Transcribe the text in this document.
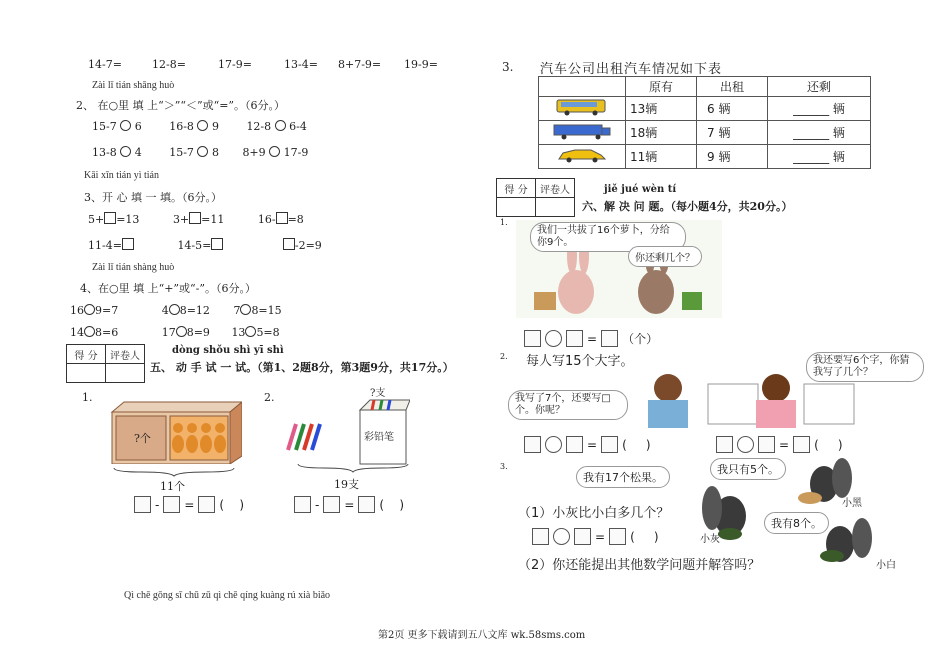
14-7=	12-8=	17-9=	13-4= 8+7-9= 19-9=
Zài lǐ tián shāng huò
2、 在○里 填 上“＞”“＜”或“=”。（6分。）
15-7 6	16-8 9	12-8 6-4
13-8 4	15-7 8 8+9 17-9
Kāi xīn tián yì tián
3、开 心 填 一 填。（6分。）
5+ =13	3+ =11	16- =8
11-4=	14-5=	-2=9
Zài lǐ tián shàng huò
4、在○里 填 上“+”或“-”。（6分。）
16 9=7	4 8=12 7 8=15
14 8=6	17 8=9 13 5=8
得 分	评卷人
		dòng shǒu shì yī shì
五、 动 手 试 一 试。（第1、2题8分，第3题9分，共17分。）
1.
?个
11个
- = (    )
2.	?支
彩铅笔
19支
- = (    )
Qì chē gōng sī chū zū qì chē qíng kuàng rú xià biǎo
3. 汽车公司出租汽车情况如下表
	原有	出租	还剩
	13辆	6 辆	______ 辆
	18辆	7 辆	______ 辆
	11辆	9 辆	______ 辆
得 分	评卷人
		jiě jué wèn tí
六、解 决 问 题。（每小题4分，共20分。）
1.
我们一共拔了16个萝卜，分给你9个。
你还剩几个？
= （个）
2. 每人写15个大字。
我写了7个，还要写□个。你呢？
我还要写6个字，你猜我写了几个？
= (     )	= (     )
3.
我有17个松果。
我只有5个。
我有8个。
小黑
小灰
小白
（1）小灰比小白多几个？
= (     )
（2）你还能提出其他数学问题并解答吗？
第2页 更多下载请到五八文库 wk.58sms.com
